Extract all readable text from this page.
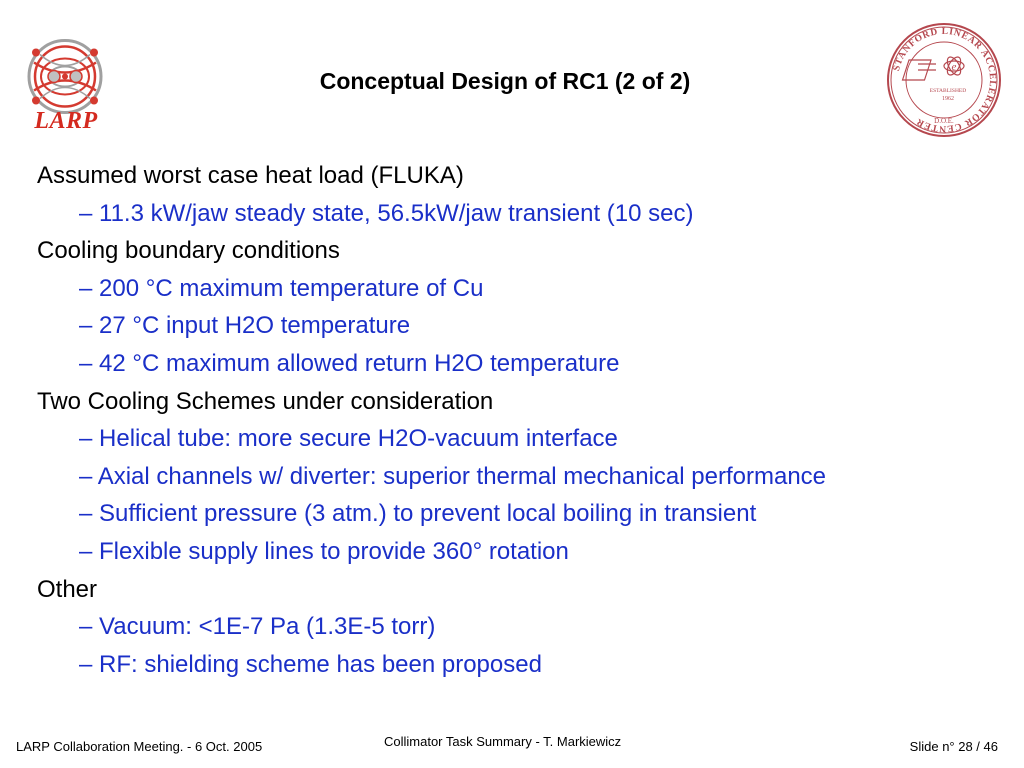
LARP
Conceptual Design of RC1 (2 of 2)
STANFORD LINEAR ACCELERATOR CENTER	D.O.E.
e
ESTABLISHED
1962
Assumed worst case heat load (FLUKA)
– 11.3 kW/jaw steady state, 56.5kW/jaw transient (10 sec)
Cooling boundary conditions
– 200 °C maximum temperature of Cu
– 27 °C input H2O temperature
– 42 °C maximum allowed return H2O temperature
Two Cooling Schemes under consideration
– Helical tube: more secure H2O-vacuum interface
– Axial channels w/ diverter: superior thermal mechanical performance
– Sufficient pressure (3 atm.) to prevent local boiling in transient
– Flexible supply lines to provide 360° rotation
Other
– Vacuum: <1E-7 Pa (1.3E-5 torr)
– RF: shielding scheme has been proposed
LARP Collaboration Meeting. - 6 Oct. 2005	Collimator Task Summary - T. Markiewicz	Slide n° 28 / 46
